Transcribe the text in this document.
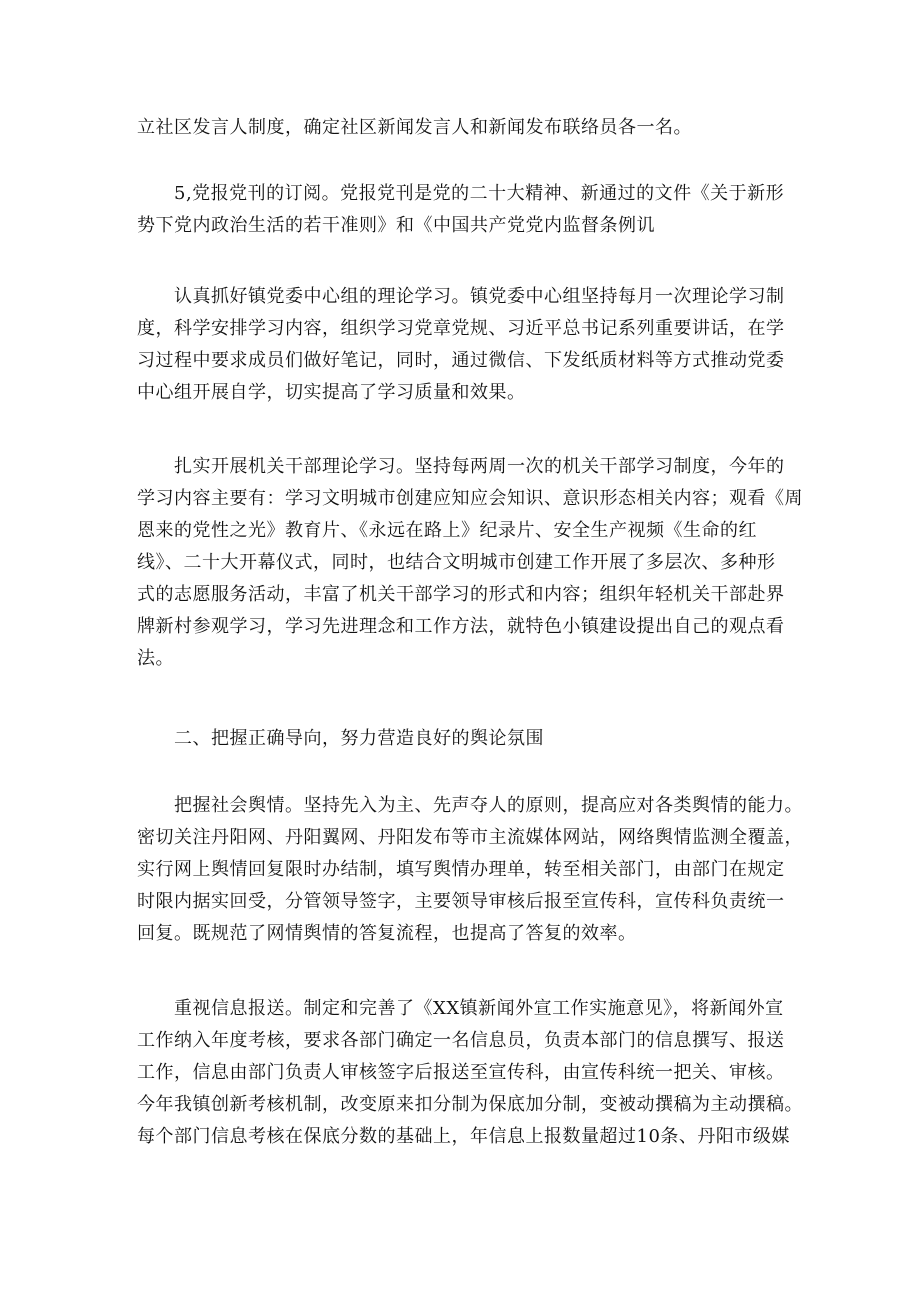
立社区发言人制度，确定社区新闻发言人和新闻发布联络员各一名。
5,党报党刊的订阅。党报党刊是党的二十大精神、新通过的文件《关于新形
势下党内政治生活的若干准则》和《中国共产党党内监督条例讥
认真抓好镇党委中心组的理论学习。镇党委中心组坚持每月一次理论学习制
度，科学安排学习内容，组织学习党章党规、习近平总书记系列重要讲话，在学
习过程中要求成员们做好笔记，同时，通过微信、下发纸质材料等方式推动党委
中心组开展自学，切实提高了学习质量和效果。
扎实开展机关干部理论学习。坚持每两周一次的机关干部学习制度，今年的
学习内容主要有：学习文明城市创建应知应会知识、意识形态相关内容；观看《周
恩来的党性之光》教育片、《永远在路上》纪录片、安全生产视频《生命的红
线》、二十大开幕仪式，同时，也结合文明城市创建工作开展了多层次、多种形
式的志愿服务活动，丰富了机关干部学习的形式和内容；组织年轻机关干部赴界
牌新村参观学习，学习先进理念和工作方法，就特色小镇建设提出自己的观点看
法。
二、把握正确导向，努力营造良好的舆论氛围
把握社会舆情。坚持先入为主、先声夺人的原则，提高应对各类舆情的能力。
密切关注丹阳网、丹阳翼网、丹阳发布等市主流媒体网站，网络舆情监测全覆盖，
实行网上舆情回复限时办结制，填写舆情办理单，转至相关部门，由部门在规定
时限内据实回受，分管领导签字，主要领导审核后报至宣传科，宣传科负责统一
回复。既规范了网情舆情的答复流程，也提高了答复的效率。
重视信息报送。制定和完善了《XX镇新闻外宣工作实施意见》，将新闻外宣
工作纳入年度考核，要求各部门确定一名信息员，负责本部门的信息撰写、报送
工作，信息由部门负责人审核签字后报送至宣传科，由宣传科统一把关、审核。
今年我镇创新考核机制，改变原来扣分制为保底加分制，变被动撰稿为主动撰稿。
每个部门信息考核在保底分数的基础上，年信息上报数量超过10条、丹阳市级媒
